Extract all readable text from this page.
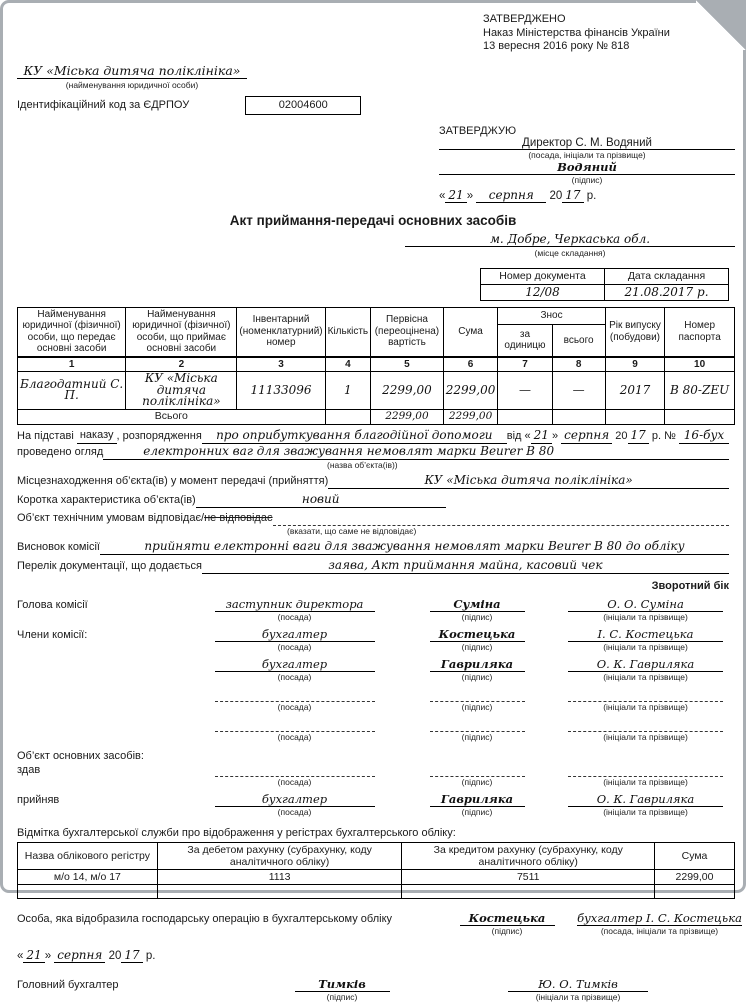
ЗАТВЕРДЖЕНО
Наказ Міністерства фінансів України
13 вересня 2016 року № 818
КУ «Міська дитяча поліклініка»
(найменування юридичної особи)
Ідентифікаційний код за ЄДРПОУ	02004600
ЗАТВЕРДЖУЮ
Директор С. М. Водяний
(посада, ініціали та прізвище)
Водяний
(підпис)
« 21 » серпня 20 17 р.
Акт приймання-передачі основних засобів
м. Добре, Черкаська обл.
(місце складання)
Номер документа	Дата складання
12/08	21.08.2017 р.
Найменування юридичної (фізичної) особи, що передає основні засоби	Найменування юридичної (фізичної) особи, що приймає основні засоби	Інвентарний (номенклатурний) номер	Кількість	Первісна (переоцінена) вартість	Сума	Знос		Рік випуску (побудови)	Номер паспорта
						за одиницю	всього		
1	2	3	4	5	6	7	8	9	10
Благодатний С. П.	КУ «Міська дитяча поліклініка»	11133096	1	2299,00	2299,00	—	—	2017	В 80-ZEU
Всього				2299,00	2299,00				
На підставі
наказу , розпорядження	про оприбуткування благодійної допомоги	від
« 21 »
серпня
20 17
р.
№
16-бух
проведено огляд	електронних ваг для зважування немовлят марки Beurer B 80
(назва об’єкта(ів))
Місцезнаходження об’єкта(ів) у момент передачі (прийняття)	КУ «Міська дитяча поліклініка»
Коротка характеристика об’єкта(ів)	новий
Об’єкт технічним умовам відповідає/ не відповідає
(вказати, що саме не відповідає)
Висновок комісії	прийняти електронні ваги для зважування немовлят марки Beurer B 80 до обліку
Перелік документації, що додається	заява, Акт приймання майна, касовий чек
Зворотний бік
Голова комісії	заступник директора
(посада)
Суміна
(підпис)
О. О. Суміна
(ініціали та прізвище)
Члени комісії:	бухгалтер
(посада)
Костецька
(підпис)
І. С. Костецька
(ініціали та прізвище)
бухгалтер
(посада)
Гавриляка
(підпис)
О. К. Гавриляка
(ініціали та прізвище)
(посада)	(підпис)	(ініціали та прізвище)
(посада)	(підпис)	(ініціали та прізвище)
Об’єкт основних засобів:
здав
(посада)	(підпис)	(ініціали та прізвище)
прийняв	бухгалтер
(посада)
Гавриляка
(підпис)
О. К. Гавриляка
(ініціали та прізвище)
Відмітка бухгалтерської служби про відображення у регістрах бухгалтерського обліку:
Назва облікового регістру	За дебетом рахунку (субрахунку, коду аналітичного обліку)	За кредитом рахунку (субрахунку, коду аналітичного обліку)	Сума
м/о 14, м/о 17	1113	7511	2299,00

Особа, яка відобразила господарську операцію в бухгалтерському обліку	Костецька
(підпис)
бухгалтер І. С. Костецька
(посада, ініціали та прізвище)
« 21 » серпня 20 17 р.
Головний бухгалтер	Тимків
(підпис)
Ю. О. Тимків
(ініціали та прізвище)
